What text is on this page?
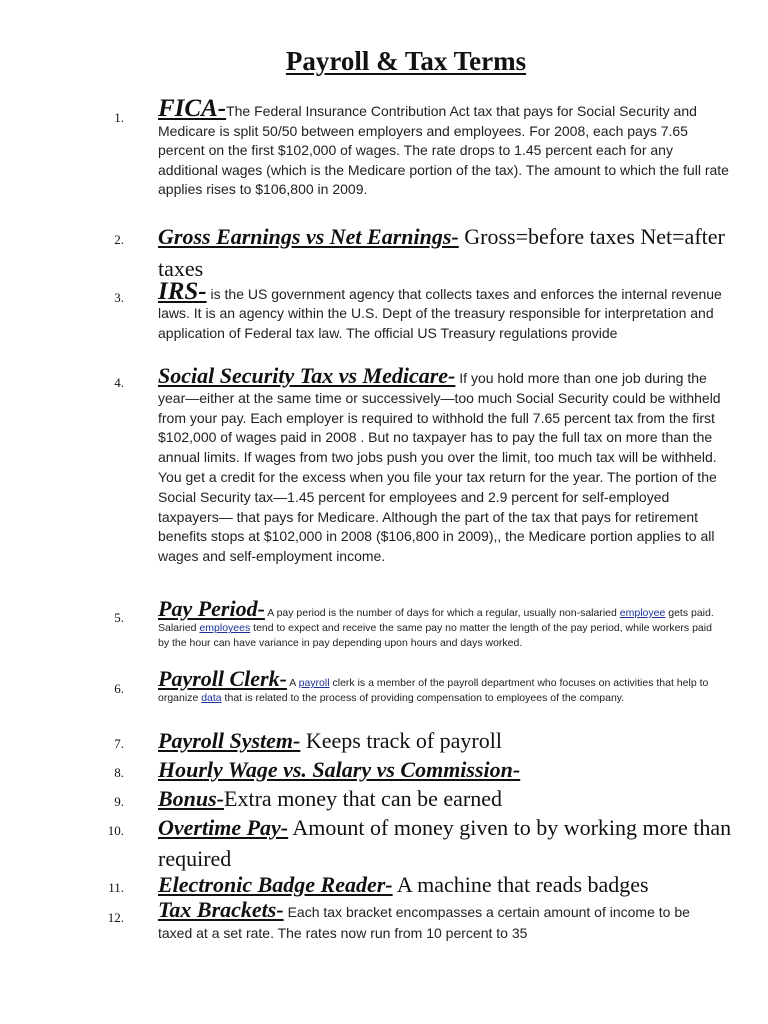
Payroll & Tax Terms
1. FICA-The Federal Insurance Contribution Act tax that pays for Social Security and Medicare is split 50/50 between employers and employees. For 2008, each pays 7.65 percent on the first $102,000 of wages. The rate drops to 1.45 percent each for any additional wages (which is the Medicare portion of the tax). The amount to which the full rate applies rises to $106,800 in 2009.
2. Gross Earnings vs Net Earnings- Gross=before taxes Net=after taxes
3. IRS- is the US government agency that collects taxes and enforces the internal revenue laws. It is an agency within the U.S. Dept of the treasury responsible for interpretation and application of Federal tax law. The official US Treasury regulations provide
4. Social Security Tax vs Medicare- If you hold more than one job during the year—either at the same time or successively—too much Social Security could be withheld from your pay. Each employer is required to withhold the full 7.65 percent tax from the first $102,000 of wages paid in 2008 . But no taxpayer has to pay the full tax on more than the annual limits. If wages from two jobs push you over the limit, too much tax will be withheld. You get a credit for the excess when you file your tax return for the year. The portion of the Social Security tax—1.45 percent for employees and 2.9 percent for self-employed taxpayers— that pays for Medicare. Although the part of the tax that pays for retirement benefits stops at $102,000 in 2008 ($106,800 in 2009),, the Medicare portion applies to all wages and self-employment income.
5. Pay Period- A pay period is the number of days for which a regular, usually non-salaried employee gets paid. Salaried employees tend to expect and receive the same pay no matter the length of the pay period, while workers paid by the hour can have variance in pay depending upon hours and days worked.
6. Payroll Clerk- A payroll clerk is a member of the payroll department who focuses on activities that help to organize data that is related to the process of providing compensation to employees of the company.
7. Payroll System- Keeps track of payroll
8. Hourly Wage vs. Salary vs Commission-
9. Bonus-Extra money that can be earned
10. Overtime Pay- Amount of money given to by working more than required
11. Electronic Badge Reader- A machine that reads badges
12. Tax Brackets- Each tax bracket encompasses a certain amount of income to be taxed at a set rate. The rates now run from 10 percent to 35
